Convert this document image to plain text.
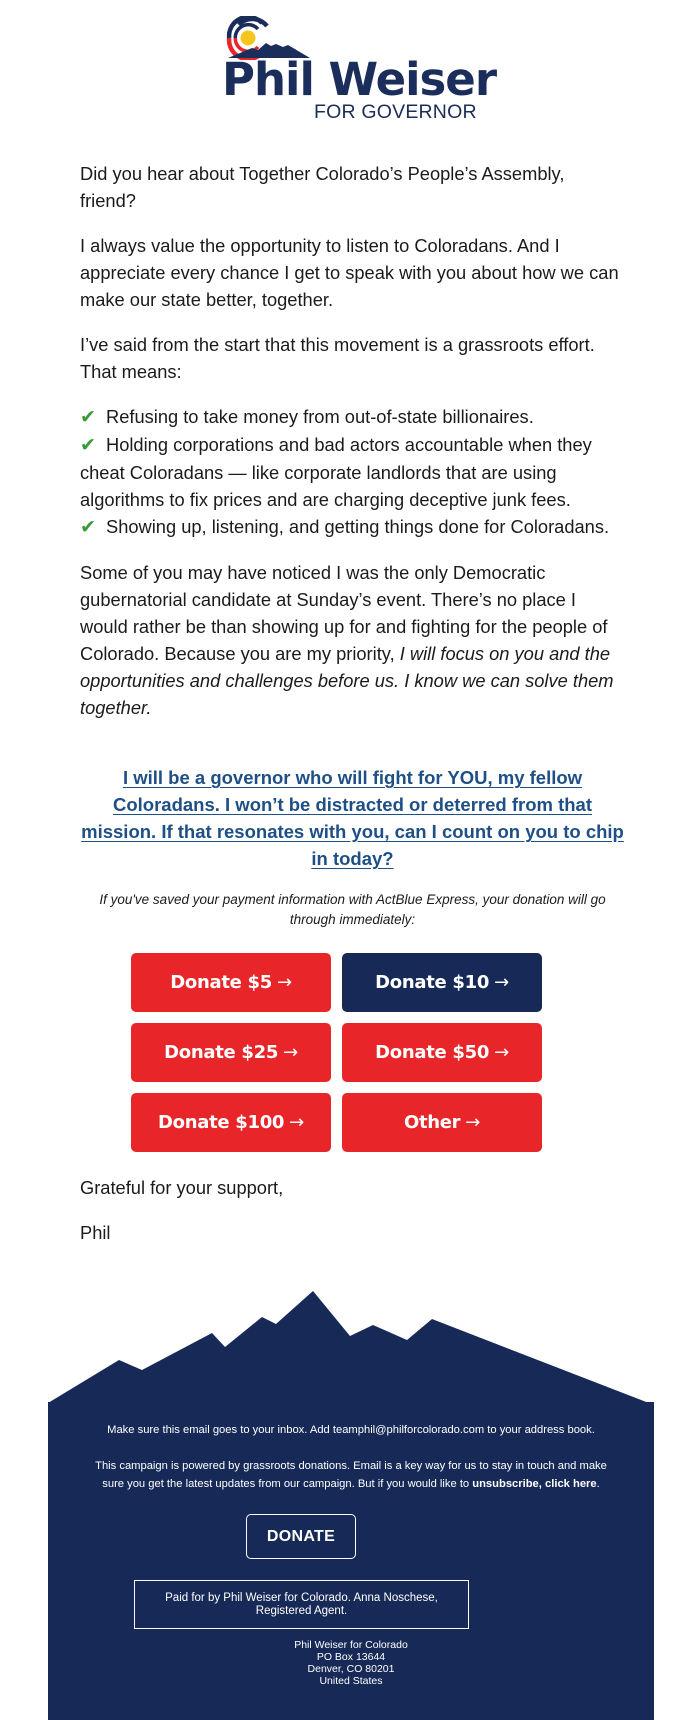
Phil Weiser
FOR GOVERNOR

Did you hear about Together Colorado’s People’s Assembly, friend?

I always value the opportunity to listen to Coloradans. And I appreciate every chance I get to speak with you about how we can make our state better, together.

I’ve said from the start that this movement is a grassroots effort. That means:

✔ Refusing to take money from out-of-state billionaires.
✔ Holding corporations and bad actors accountable when they cheat Coloradans — like corporate landlords that are using algorithms to fix prices and are charging deceptive junk fees.
✔ Showing up, listening, and getting things done for Coloradans.

Some of you may have noticed I was the only Democratic gubernatorial candidate at Sunday’s event. There’s no place I would rather be than showing up for and fighting for the people of Colorado. Because you are my priority, I will focus on you and the opportunities and challenges before us. I know we can solve them together.

I will be a governor who will fight for YOU, my fellow Coloradans. I won’t be distracted or deterred from that mission. If that resonates with you, can I count on you to chip in today?
If you've saved your payment information with ActBlue Express, your donation will go through immediately:
Donate $5 →	Donate $10 →
Donate $25 →	Donate $50 →
Donate $100 →	Other →
Grateful for your support,
Phil
Make sure this email goes to your inbox. Add teamphil@philforcolorado.com to your address book.
This campaign is powered by grassroots donations. Email is a key way for us to stay in touch and make
sure you get the latest updates from our campaign. But if you would like to unsubscribe, click here.
DONATE
Paid for by Phil Weiser for Colorado. Anna Noschese, Registered Agent.
Phil Weiser for Colorado
PO Box 13644
Denver, CO 80201
United States
